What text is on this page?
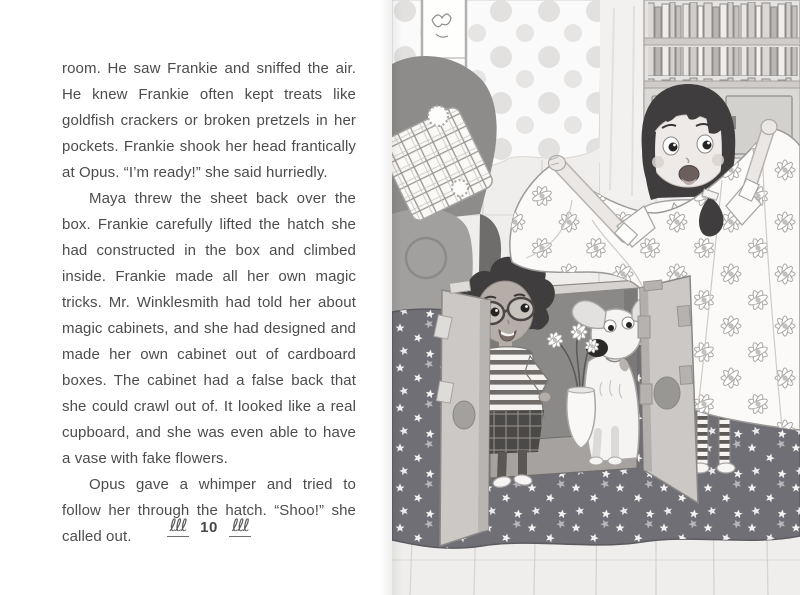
room. He saw Frankie and sniffed the air. He knew Frankie often kept treats like goldfish crackers or broken pretzels in her pockets. Frankie shook her head frantically at Opus. “I’m ready!” she said hurriedly.

Maya threw the sheet back over the box. Frankie carefully lifted the hatch she had constructed in the box and climbed inside. Frankie made all her own magic tricks. Mr. Winklesmith had told her about magic cabinets, and she had designed and made her own cabinet out of cardboard boxes. The cabinet had a false back that she could crawl out of. It looked like a real cupboard, and she was even able to have a vase with fake flowers.

Opus gave a whimper and tried to follow her through the hatch. “Shoo!” she called out.

ℓℓℓ 10 ℓℓℓ
